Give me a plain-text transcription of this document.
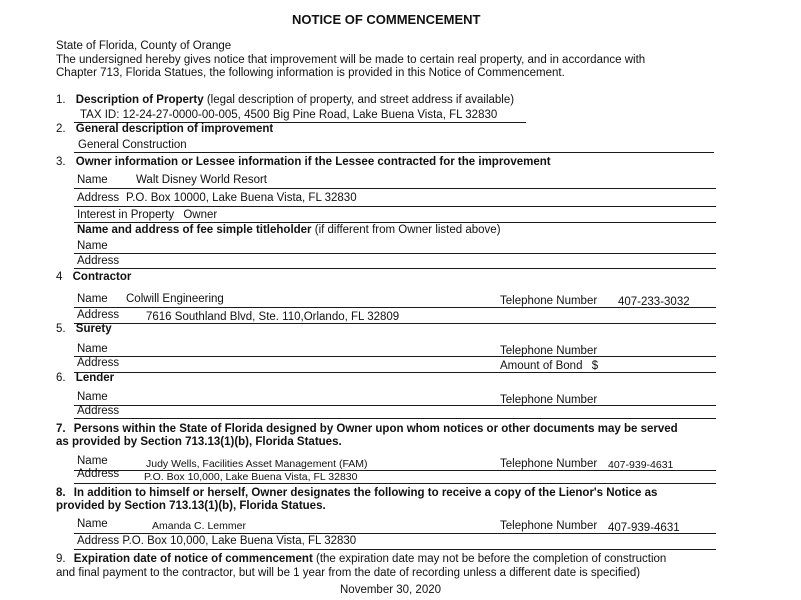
NOTICE OF COMMENCEMENT
State of Florida, County of Orange
The undersigned hereby gives notice that improvement will be made to certain real property, and in accordance with
Chapter 713, Florida Statues, the following information is provided in this Notice of Commencement.
1. Description of Property (legal description of property, and street address if available)
TAX ID: 12-24-27-0000-00-005, 4500 Big Pine Road, Lake Buena Vista, FL 32830
2. General description of improvement
General Construction
3. Owner information or Lessee information if the Lessee contracted for the improvement
Name Walt Disney World Resort
Address P.O. Box 10000, Lake Buena Vista, FL 32830
Interest in Property Owner
Name and address of fee simple titleholder (if different from Owner listed above)
Name
Address
4 Contractor
Name Colwill Engineering	Telephone Number 407-233-3032
Address 7616 Southland Blvd, Ste. 110,Orlando, FL 32809
5. Surety
Name	Telephone Number
Address	Amount of Bond $
6. Lender
Name	Telephone Number
Address
7. Persons within the State of Florida designed by Owner upon whom notices or other documents may be served
as provided by Section 713.13(1)(b), Florida Statues.
Name	Judy Wells, Facilities Asset Management (FAM)	Telephone Number 407-939-4631
Address P.O. Box 10,000, Lake Buena Vista, FL 32830
8. In addition to himself or herself, Owner designates the following to receive a copy of the Lienor's Notice as
provided by Section 713.13(1)(b), Florida Statues.
Name	Amanda C. Lemmer	Telephone Number 407-939-4631
Address P.O. Box 10,000, Lake Buena Vista, FL 32830
9. Expiration date of notice of commencement (the expiration date may not be before the completion of construction
and final payment to the contractor, but will be 1 year from the date of recording unless a different date is specified)
November 30, 2020
